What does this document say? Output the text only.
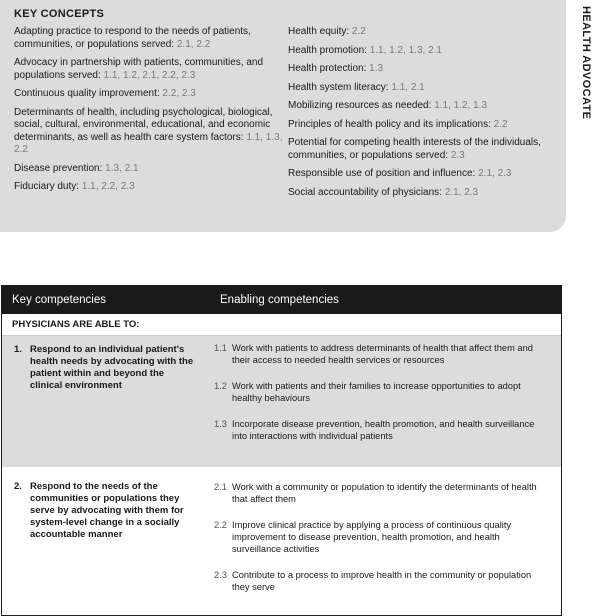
KEY CONCEPTS
Adapting practice to respond to the needs of patients, communities, or populations served: 2.1, 2.2
Advocacy in partnership with patients, communities, and populations served: 1.1, 1.2, 2.1, 2.2, 2.3
Continuous quality improvement: 2.2, 2.3
Determinants of health, including psychological, biological, social, cultural, environmental, educational, and economic determinants, as well as health care system factors: 1.1, 1.3, 2.2
Disease prevention: 1.3, 2.1
Fiduciary duty: 1.1, 2.2, 2.3
Health equity: 2.2
Health promotion: 1.1, 1.2, 1.3, 2.1
Health protection: 1.3
Health system literacy: 1.1, 2.1
Mobilizing resources as needed: 1.1, 1.2, 1.3
Principles of health policy and its implications: 2.2
Potential for competing health interests of the individuals, communities, or populations served: 2.3
Responsible use of position and influence: 2.1, 2.3
Social accountability of physicians: 2.1, 2.3
HEALTH ADVOCATE
Key competencies	Enabling competencies
PHYSICIANS ARE ABLE TO:
1. Respond to an individual patient's health needs by advocating with the patient within and beyond the clinical environment
1.1 Work with patients to address determinants of health that affect them and their access to needed health services or resources
1.2 Work with patients and their families to increase opportunities to adopt healthy behaviours
1.3 Incorporate disease prevention, health promotion, and health surveillance into interactions with individual patients
2. Respond to the needs of the communities or populations they serve by advocating with them for system-level change in a socially accountable manner
2.1 Work with a community or population to identify the determinants of health that affect them
2.2 Improve clinical practice by applying a process of continuous quality improvement to disease prevention, health promotion, and health surveillance activities
2.3 Contribute to a process to improve health in the community or population they serve
